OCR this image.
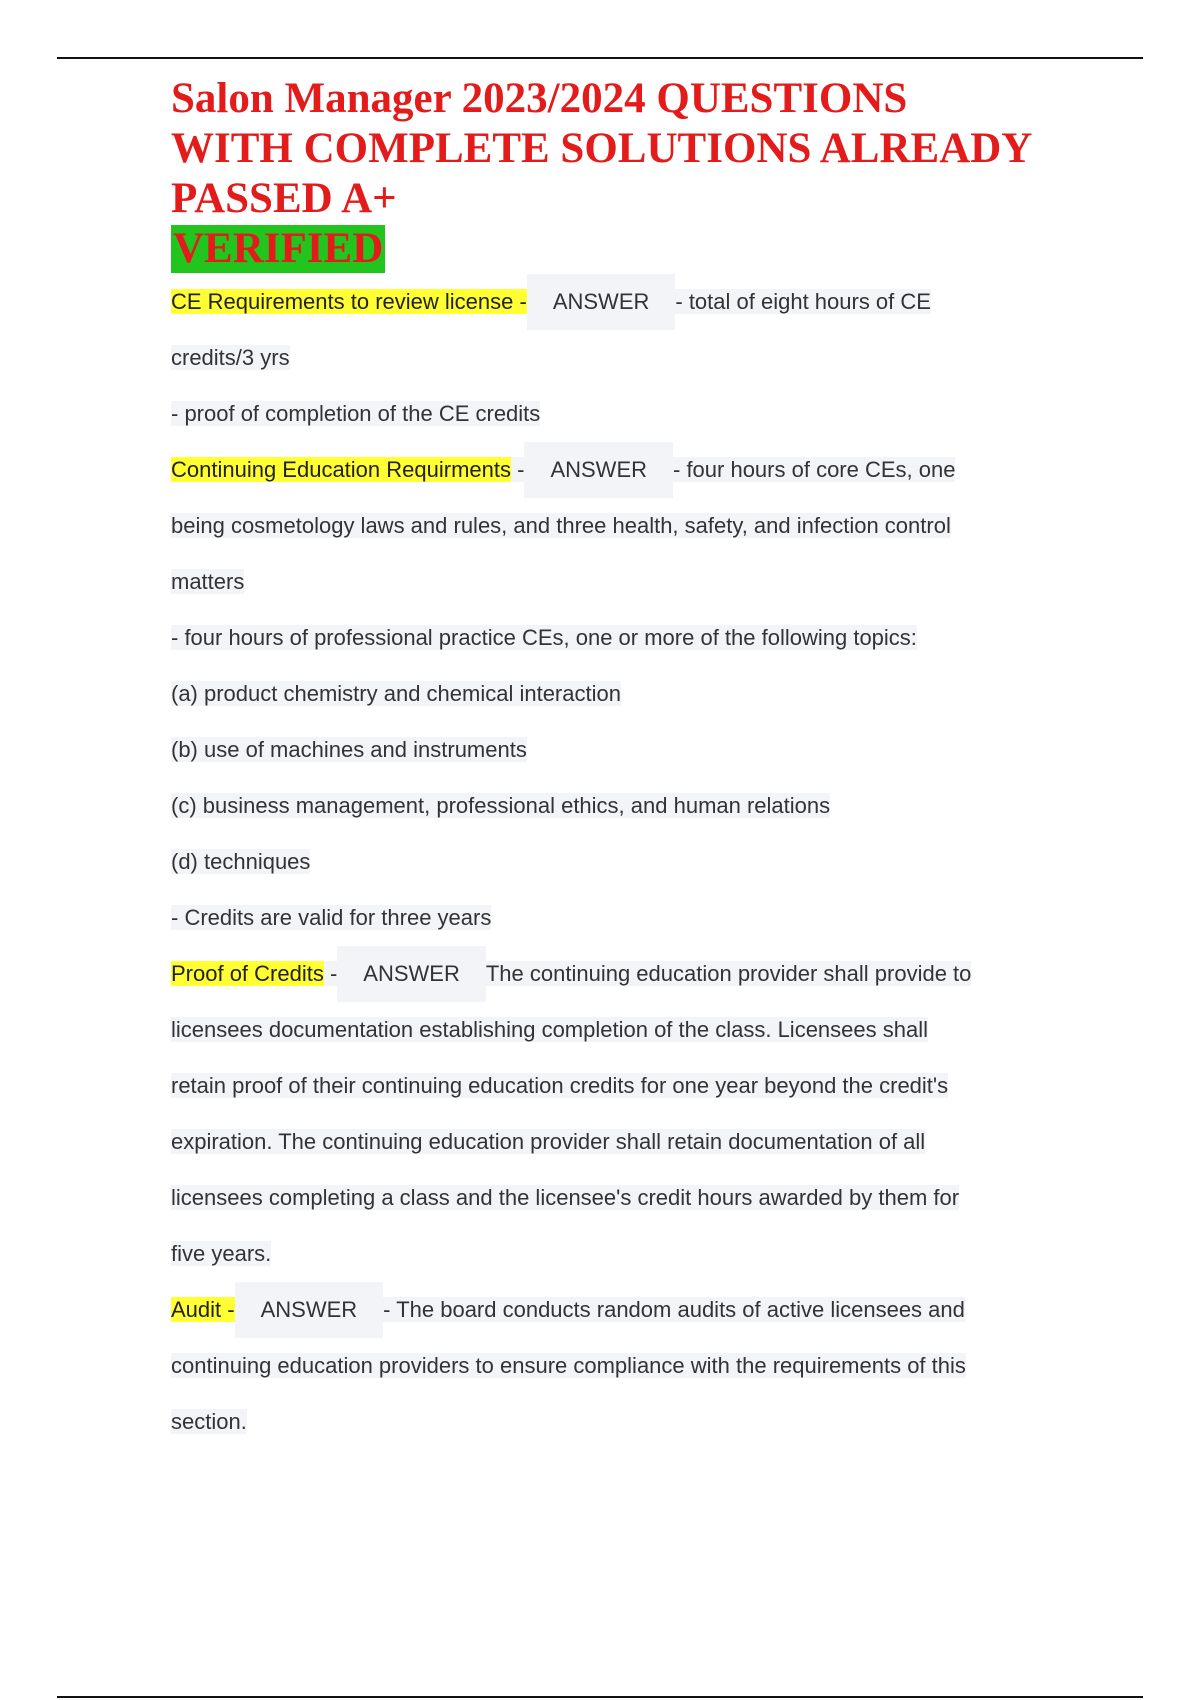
Salon Manager 2023/2024 QUESTIONS
WITH COMPLETE SOLUTIONS ALREADY
PASSED A+
VERIFIED
CE Requirements to review license - ANSWER - total of eight hours of CE
credits/3 yrs
- proof of completion of the CE credits
Continuing Education Requirments - ANSWER - four hours of core CEs, one
being cosmetology laws and rules, and three health, safety, and infection control
matters
- four hours of professional practice CEs, one or more of the following topics:
(a) product chemistry and chemical interaction
(b) use of machines and instruments
(c) business management, professional ethics, and human relations
(d) techniques
- Credits are valid for three years
Proof of Credits - ANSWER The continuing education provider shall provide to
licensees documentation establishing completion of the class. Licensees shall
retain proof of their continuing education credits for one year beyond the credit's
expiration. The continuing education provider shall retain documentation of all
licensees completing a class and the licensee's credit hours awarded by them for
five years.
Audit - ANSWER - The board conducts random audits of active licensees and
continuing education providers to ensure compliance with the requirements of this
section.
